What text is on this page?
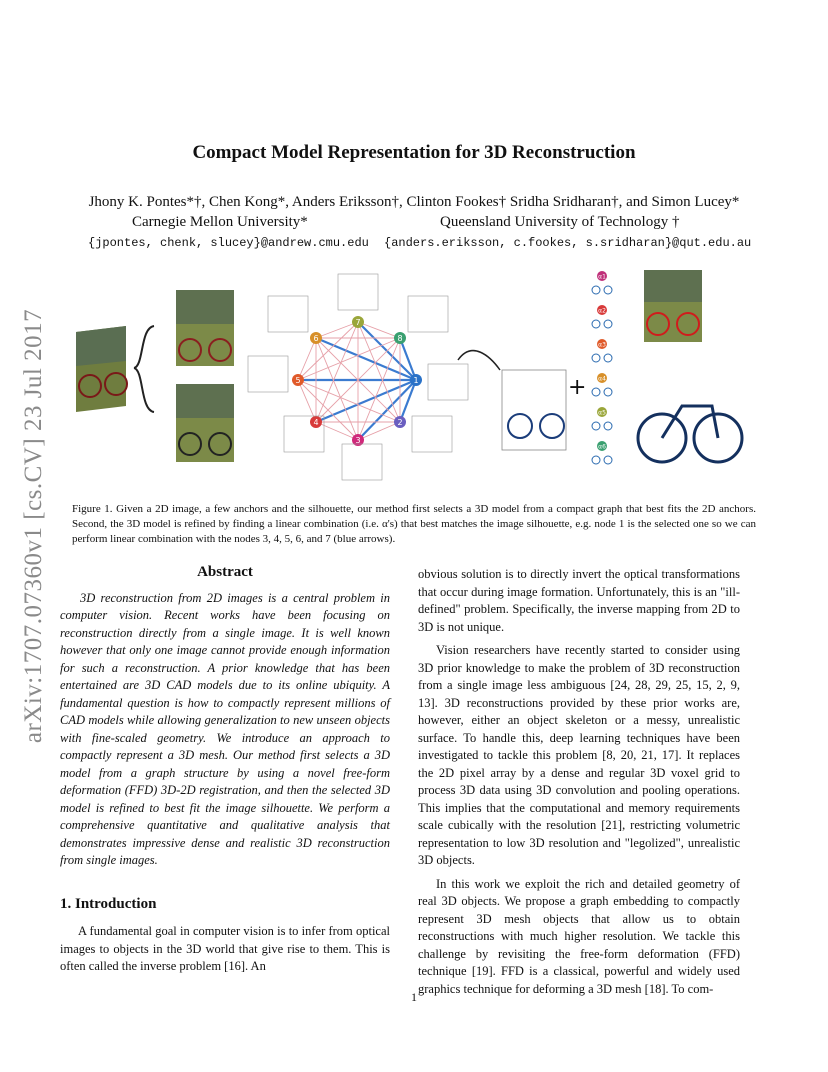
arXiv:1707.07360v1 [cs.CV] 23 Jul 2017
Compact Model Representation for 3D Reconstruction
Jhony K. Pontes*†, Chen Kong*, Anders Eriksson†, Clinton Fookes† Sridha Sridharan†, and Simon Lucey*
Carnegie Mellon University*	Queensland University of Technology †
{jpontes, chenk, slucey}@andrew.cmu.edu {anders.eriksson, c.fookes, s.sridharan}@qut.edu.au
1
2
3
4
5
6
7
8
+
α1
α2
α3
α4
α5
α6
Figure 1. Given a 2D image, a few anchors and the silhouette, our method first selects a 3D model from a compact graph that best fits the 2D anchors. Second, the 3D model is refined by finding a linear combination (i.e. α's) that best matches the image silhouette, e.g. node 1 is the selected one so we can perform linear combination with the nodes 3, 4, 5, 6, and 7 (blue arrows).

Abstract

3D reconstruction from 2D images is a central problem in computer vision. Recent works have been focusing on reconstruction directly from a single image. It is well known however that only one image cannot provide enough information for such a reconstruction. A prior knowledge that has been entertained are 3D CAD models due to its online ubiquity. A fundamental question is how to compactly represent millions of CAD models while allowing generalization to new unseen objects with fine-scaled geometry. We introduce an approach to compactly represent a 3D mesh. Our method first selects a 3D model from a graph structure by using a novel free-form deformation (FFD) 3D-2D registration, and then the selected 3D model is refined to best fit the image silhouette. We perform a comprehensive quantitative and qualitative analysis that demonstrates impressive dense and realistic 3D reconstruction from single images.

1. Introduction

A fundamental goal in computer vision is to infer from optical images to objects in the 3D world that give rise to them. This is often called the inverse problem [16]. An

obvious solution is to directly invert the optical transformations that occur during image formation. Unfortunately, this is an "ill-defined" problem. Specifically, the inverse mapping from 2D to 3D is not unique.

Vision researchers have recently started to consider using 3D prior knowledge to make the problem of 3D reconstruction from a single image less ambiguous [24, 28, 29, 25, 15, 2, 9, 13]. 3D reconstructions provided by these prior works are, however, either an object skeleton or a messy, unrealistic surface. To handle this, deep learning techniques have been investigated to tackle this problem [8, 20, 21, 17]. It replaces the 2D pixel array by a dense and regular 3D voxel grid to process 3D data using 3D convolution and pooling operations. This implies that the computational and memory requirements scale cubically with the resolution [21], restricting volumetric representation to low 3D resolution and "legolized", unrealistic 3D objects.

In this work we exploit the rich and detailed geometry of real 3D objects. We propose a graph embedding to compactly represent 3D mesh objects that allow us to obtain reconstructions with much higher resolution. We tackle this challenge by revisiting the free-form deformation (FFD) technique [19]. FFD is a classical, powerful and widely used graphics technique for deforming a 3D mesh [18]. To com-

1
